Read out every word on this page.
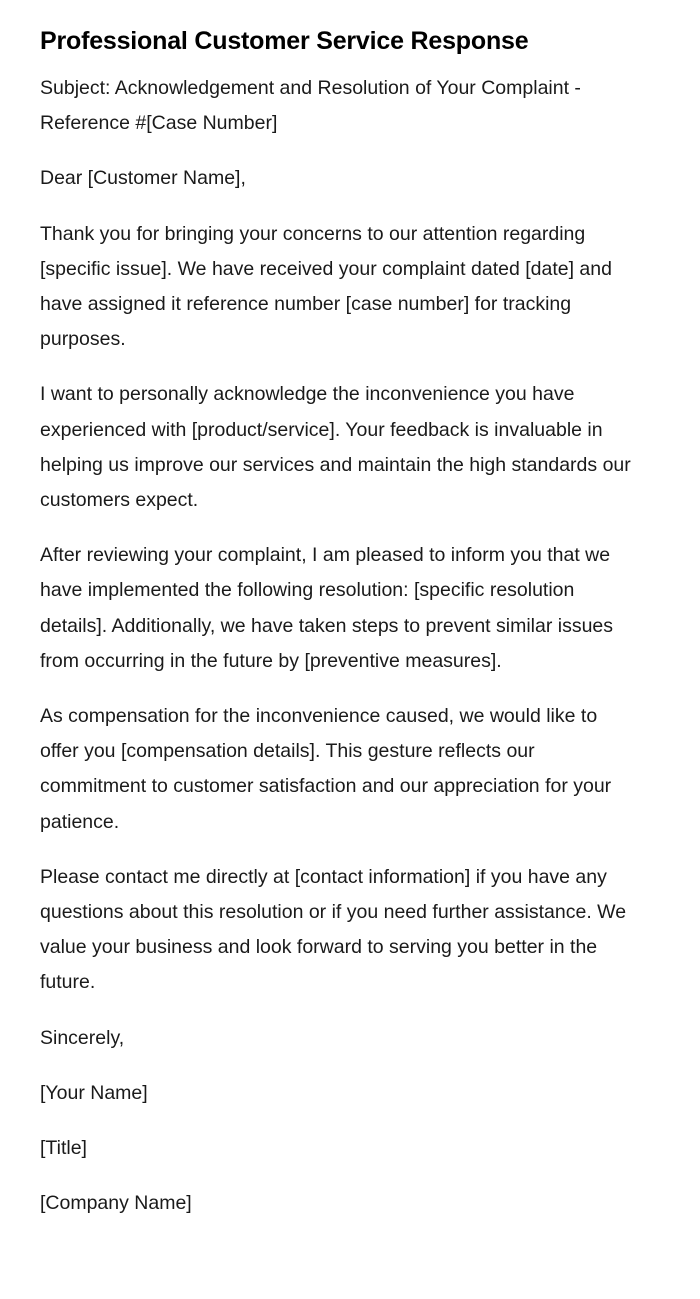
Professional Customer Service Response

Subject: Acknowledgement and Resolution of Your Complaint - Reference #[Case Number]

Dear [Customer Name],

Thank you for bringing your concerns to our attention regarding [specific issue]. We have received your complaint dated [date] and have assigned it reference number [case number] for tracking purposes.

I want to personally acknowledge the inconvenience you have experienced with [product/service]. Your feedback is invaluable in helping us improve our services and maintain the high standards our customers expect.

After reviewing your complaint, I am pleased to inform you that we have implemented the following resolution: [specific resolution details]. Additionally, we have taken steps to prevent similar issues from occurring in the future by [preventive measures].

As compensation for the inconvenience caused, we would like to offer you [compensation details]. This gesture reflects our commitment to customer satisfaction and our appreciation for your patience.

Please contact me directly at [contact information] if you have any questions about this resolution or if you need further assistance. We value your business and look forward to serving you better in the future.

Sincerely,

[Your Name]

[Title]

[Company Name]
